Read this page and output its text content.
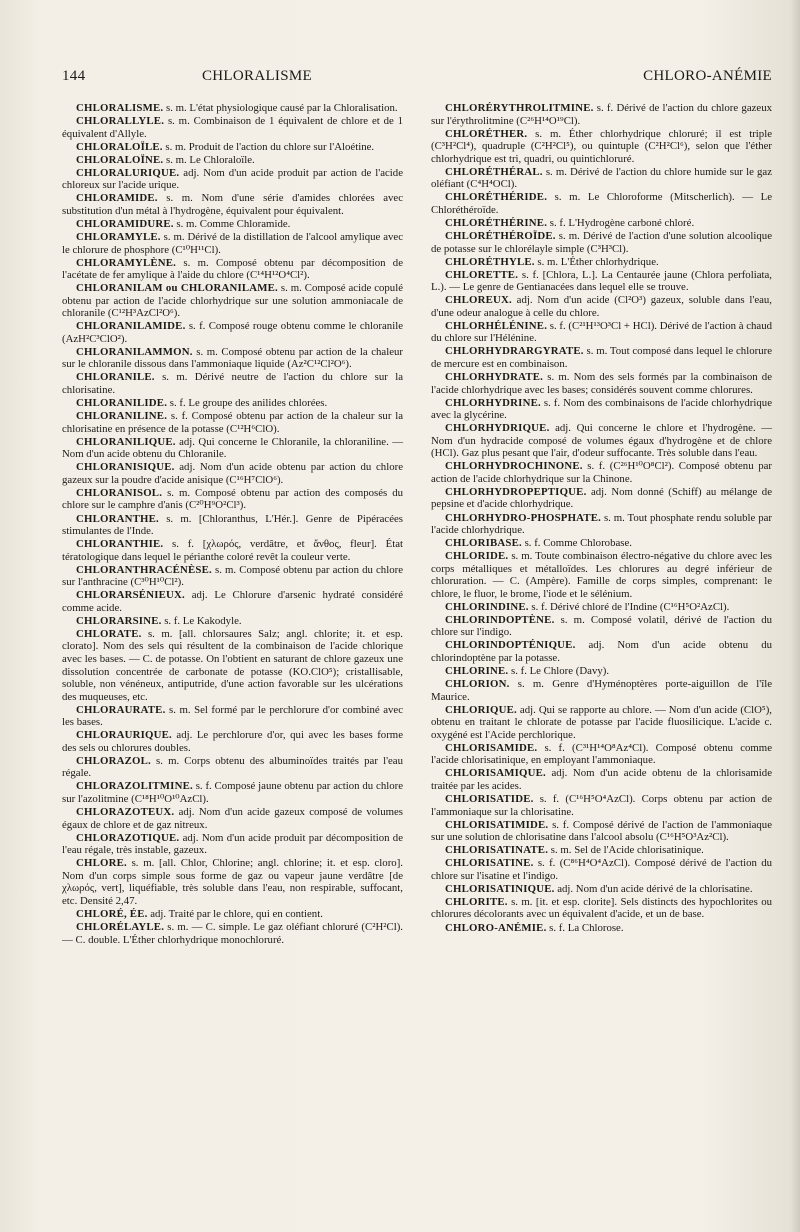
144	CHLORALISME	CHLORO-ANÉMIE

CHLORALISME. s. m. L'état physiologique causé par la Chloralisation.

CHLORALLYLE. s. m. Combinaison de 1 équivalent de chlore et de 1 équivalent d'Allyle.

CHLORALOÏLE. s. m. Produit de l'action du chlore sur l'Aloétine.

CHLORALOÏNE. s. m. Le Chloraloïle.

CHLORALURIQUE. adj. Nom d'un acide produit par action de l'acide chloreux sur l'acide urique.

CHLORAMIDE. s. m. Nom d'une série d'amides chlorées avec substitution d'un métal à l'hydrogène, équivalent pour équivalent.

CHLORAMIDURE. s. m. Comme Chloramide.

CHLORAMYLE. s. m. Dérivé de la distillation de l'alcool amylique avec le chlorure de phosphore (C¹⁰H¹¹Cl).

CHLORAMYLÈNE. s. m. Composé obtenu par décomposition de l'acétate de fer amylique à l'aide du chlore (C¹⁴H¹²O⁴Cl²).

CHLORANILAM ou CHLORANILAME. s. m. Composé acide copulé obtenu par action de l'acide chlorhydrique sur une solution ammoniacale de chloranile (C¹²H³AzCl²O⁶).

CHLORANILAMIDE. s. f. Composé rouge obtenu comme le chloranile (AzH²C³ClO²).

CHLORANILAMMON. s. m. Composé obtenu par action de la chaleur sur le chloranile dissous dans l'ammoniaque liquide (Az²C¹²Cl²O⁶).

CHLORANILE. s. m. Dérivé neutre de l'action du chlore sur la chlorisatine.

CHLORANILIDE. s. f. Le groupe des anilides chlorées.

CHLORANILINE. s. f. Composé obtenu par action de la chaleur sur la chlorisatine en présence de la potasse (C¹²H⁶ClO).

CHLORANILIQUE. adj. Qui concerne le Chloranile, la chloraniline. — Nom d'un acide obtenu du Chloranile.

CHLORANISIQUE. adj. Nom d'un acide obtenu par action du chlore gazeux sur la poudre d'acide anisique (C¹⁶H⁷ClO⁶).

CHLORANISOL. s. m. Composé obtenu par action des composés du chlore sur le camphre d'anis (C²⁰H⁹O²Cl³).

CHLORANTHE. s. m. [Chloranthus, L'Hér.]. Genre de Pipéracées stimulantes de l'Inde.

CHLORANTHIE. s. f. [χλωρός, verdâtre, et ἄνθος, fleur]. État tératologique dans lequel le périanthe coloré revêt la couleur verte.

CHLORANTHRACÉNÈSE. s. m. Composé obtenu par action du chlore sur l'anthracine (C³⁰H¹⁰Cl²).

CHLORARSÉNIEUX. adj. Le Chlorure d'arsenic hydraté considéré comme acide.

CHLORARSINE. s. f. Le Kakodyle.

CHLORATE. s. m. [all. chlorsaures Salz; angl. chlorite; it. et esp. clorato]. Nom des sels qui résultent de la combinaison de l'acide chlorique avec les bases. — C. de potasse. On l'obtient en saturant de chlore gazeux une dissolution concentrée de carbonate de potasse (KO.ClO⁵); cristallisable, soluble, non vénéneux, antiputride, d'une action favorable sur les ulcérations des muqueuses, etc.

CHLORAURATE. s. m. Sel formé par le perchlorure d'or combiné avec les bases.

CHLORAURIQUE. adj. Le perchlorure d'or, qui avec les bases forme des sels ou chlorures doubles.

CHLORAZOL. s. m. Corps obtenu des albuminoïdes traités par l'eau régale.

CHLORAZOLITMINE. s. f. Composé jaune obtenu par action du chlore sur l'azolitmine (C¹⁸H¹⁰O¹⁰AzCl).

CHLORAZOTEUX. adj. Nom d'un acide gazeux composé de volumes égaux de chlore et de gaz nitreux.

CHLORAZOTIQUE. adj. Nom d'un acide produit par décomposition de l'eau régale, très instable, gazeux.

CHLORE. s. m. [all. Chlor, Chlorine; angl. chlorine; it. et esp. cloro]. Nom d'un corps simple sous forme de gaz ou vapeur jaune verdâtre [de χλωρός, vert], liquéfiable, très soluble dans l'eau, non respirable, suffocant, etc. Densité 2,47.

CHLORÉ, ÉE. adj. Traité par le chlore, qui en contient.

CHLORÉLAYLE. s. m. — C. simple. Le gaz oléfiant chloruré (C²H²Cl). — C. double. L'Éther chlorhydrique monochloruré.

CHLORÉRYTHROLITMINE. s. f. Dérivé de l'action du chlore gazeux sur l'érythrolitmine (C²⁶H¹⁴O¹⁹Cl).

CHLORÉTHER. s. m. Éther chlorhydrique chloruré; il est triple (C³H²Cl⁴), quadruple (C²H²Cl⁵), ou quintuple (C²H²Cl⁶), selon que l'éther chlorhydrique est tri, quadri, ou quintichloruré.

CHLORÉTHÉRAL. s. m. Dérivé de l'action du chlore humide sur le gaz oléfiant (C⁴H⁴OCl).

CHLORÉTHÉRIDE. s. m. Le Chloroforme (Mitscherlich). — Le Chloréthéroïde.

CHLORÉTHÉRINE. s. f. L'Hydrogène carboné chloré.

CHLORÉTHÉROÏDE. s. m. Dérivé de l'action d'une solution alcoolique de potasse sur le chlorélayle simple (C³H³Cl).

CHLORÉTHYLE. s. m. L'Éther chlorhydrique.

CHLORETTE. s. f. [Chlora, L.]. La Centaurée jaune (Chlora perfoliata, L.). — Le genre de Gentianacées dans lequel elle se trouve.

CHLOREUX. adj. Nom d'un acide (Cl²O³) gazeux, soluble dans l'eau, d'une odeur analogue à celle du chlore.

CHLORHÉLÉNINE. s. f. (C²¹H¹³O³Cl + HCl). Dérivé de l'action à chaud du chlore sur l'Hélénine.

CHLORHYDRARGYRATE. s. m. Tout composé dans lequel le chlorure de mercure est en combinaison.

CHLORHYDRATE. s. m. Nom des sels formés par la combinaison de l'acide chlorhydrique avec les bases; considérés souvent comme chlorures.

CHLORHYDRINE. s. f. Nom des combinaisons de l'acide chlorhydrique avec la glycérine.

CHLORHYDRIQUE. adj. Qui concerne le chlore et l'hydrogène. — Nom d'un hydracide composé de volumes égaux d'hydrogène et de chlore (HCl). Gaz plus pesant que l'air, d'odeur suffocante. Très soluble dans l'eau.

CHLORHYDROCHINONE. s. f. (C²⁶H¹⁰O⁸Cl²). Composé obtenu par action de l'acide chlorhydrique sur la Chinone.

CHLORHYDROPEPTIQUE. adj. Nom donné (Schiff) au mélange de pepsine et d'acide chlorhydrique.

CHLORHYDRO-PHOSPHATE. s. m. Tout phosphate rendu soluble par l'acide chlorhydrique.

CHLORIBASE. s. f. Comme Chlorobase.

CHLORIDE. s. m. Toute combinaison électro-négative du chlore avec les corps métalliques et métalloïdes. Les chlorures au degré inférieur de chloruration. — C. (Ampère). Famille de corps simples, comprenant: le chlore, le fluor, le brome, l'iode et le sélénium.

CHLORINDINE. s. f. Dérivé chloré de l'Indine (C¹⁶H⁵O²AzCl).

CHLORINDOPTÈNE. s. m. Composé volatil, dérivé de l'action du chlore sur l'indigo.

CHLORINDOPTÉNIQUE. adj. Nom d'un acide obtenu du chlorindoptène par la potasse.

CHLORINE. s. f. Le Chlore (Davy).

CHLORION. s. m. Genre d'Hyménoptères porte-aiguillon de l'île Maurice.

CHLORIQUE. adj. Qui se rapporte au chlore. — Nom d'un acide (ClO⁵), obtenu en traitant le chlorate de potasse par l'acide fluosilicique. L'acide c. oxygéné est l'Acide perchlorique.

CHLORISAMIDE. s. f. (C³¹H¹⁴O⁸Az⁴Cl). Composé obtenu comme l'acide chlorisatinique, en employant l'ammoniaque.

CHLORISAMIQUE. adj. Nom d'un acide obtenu de la chlorisamide traitée par les acides.

CHLORISATIDE. s. f. (C¹⁶H⁵O⁴AzCl). Corps obtenu par action de l'ammoniaque sur la chlorisatine.

CHLORISATIMIDE. s. f. Composé dérivé de l'action de l'ammoniaque sur une solution de chlorisatine dans l'alcool absolu (C¹⁶H⁵O³Az²Cl).

CHLORISATINATE. s. m. Sel de l'Acide chlorisatinique.

CHLORISATINE. s. f. (C⁸⁶H⁴O⁴AzCl). Composé dérivé de l'action du chlore sur l'isatine et l'indigo.

CHLORISATINIQUE. adj. Nom d'un acide dérivé de la chlorisatine.

CHLORITE. s. m. [it. et esp. clorite]. Sels distincts des hypochlorites ou chlorures décolorants avec un équivalent d'acide, et un de base.

CHLORO-ANÉMIE. s. f. La Chlorose.
